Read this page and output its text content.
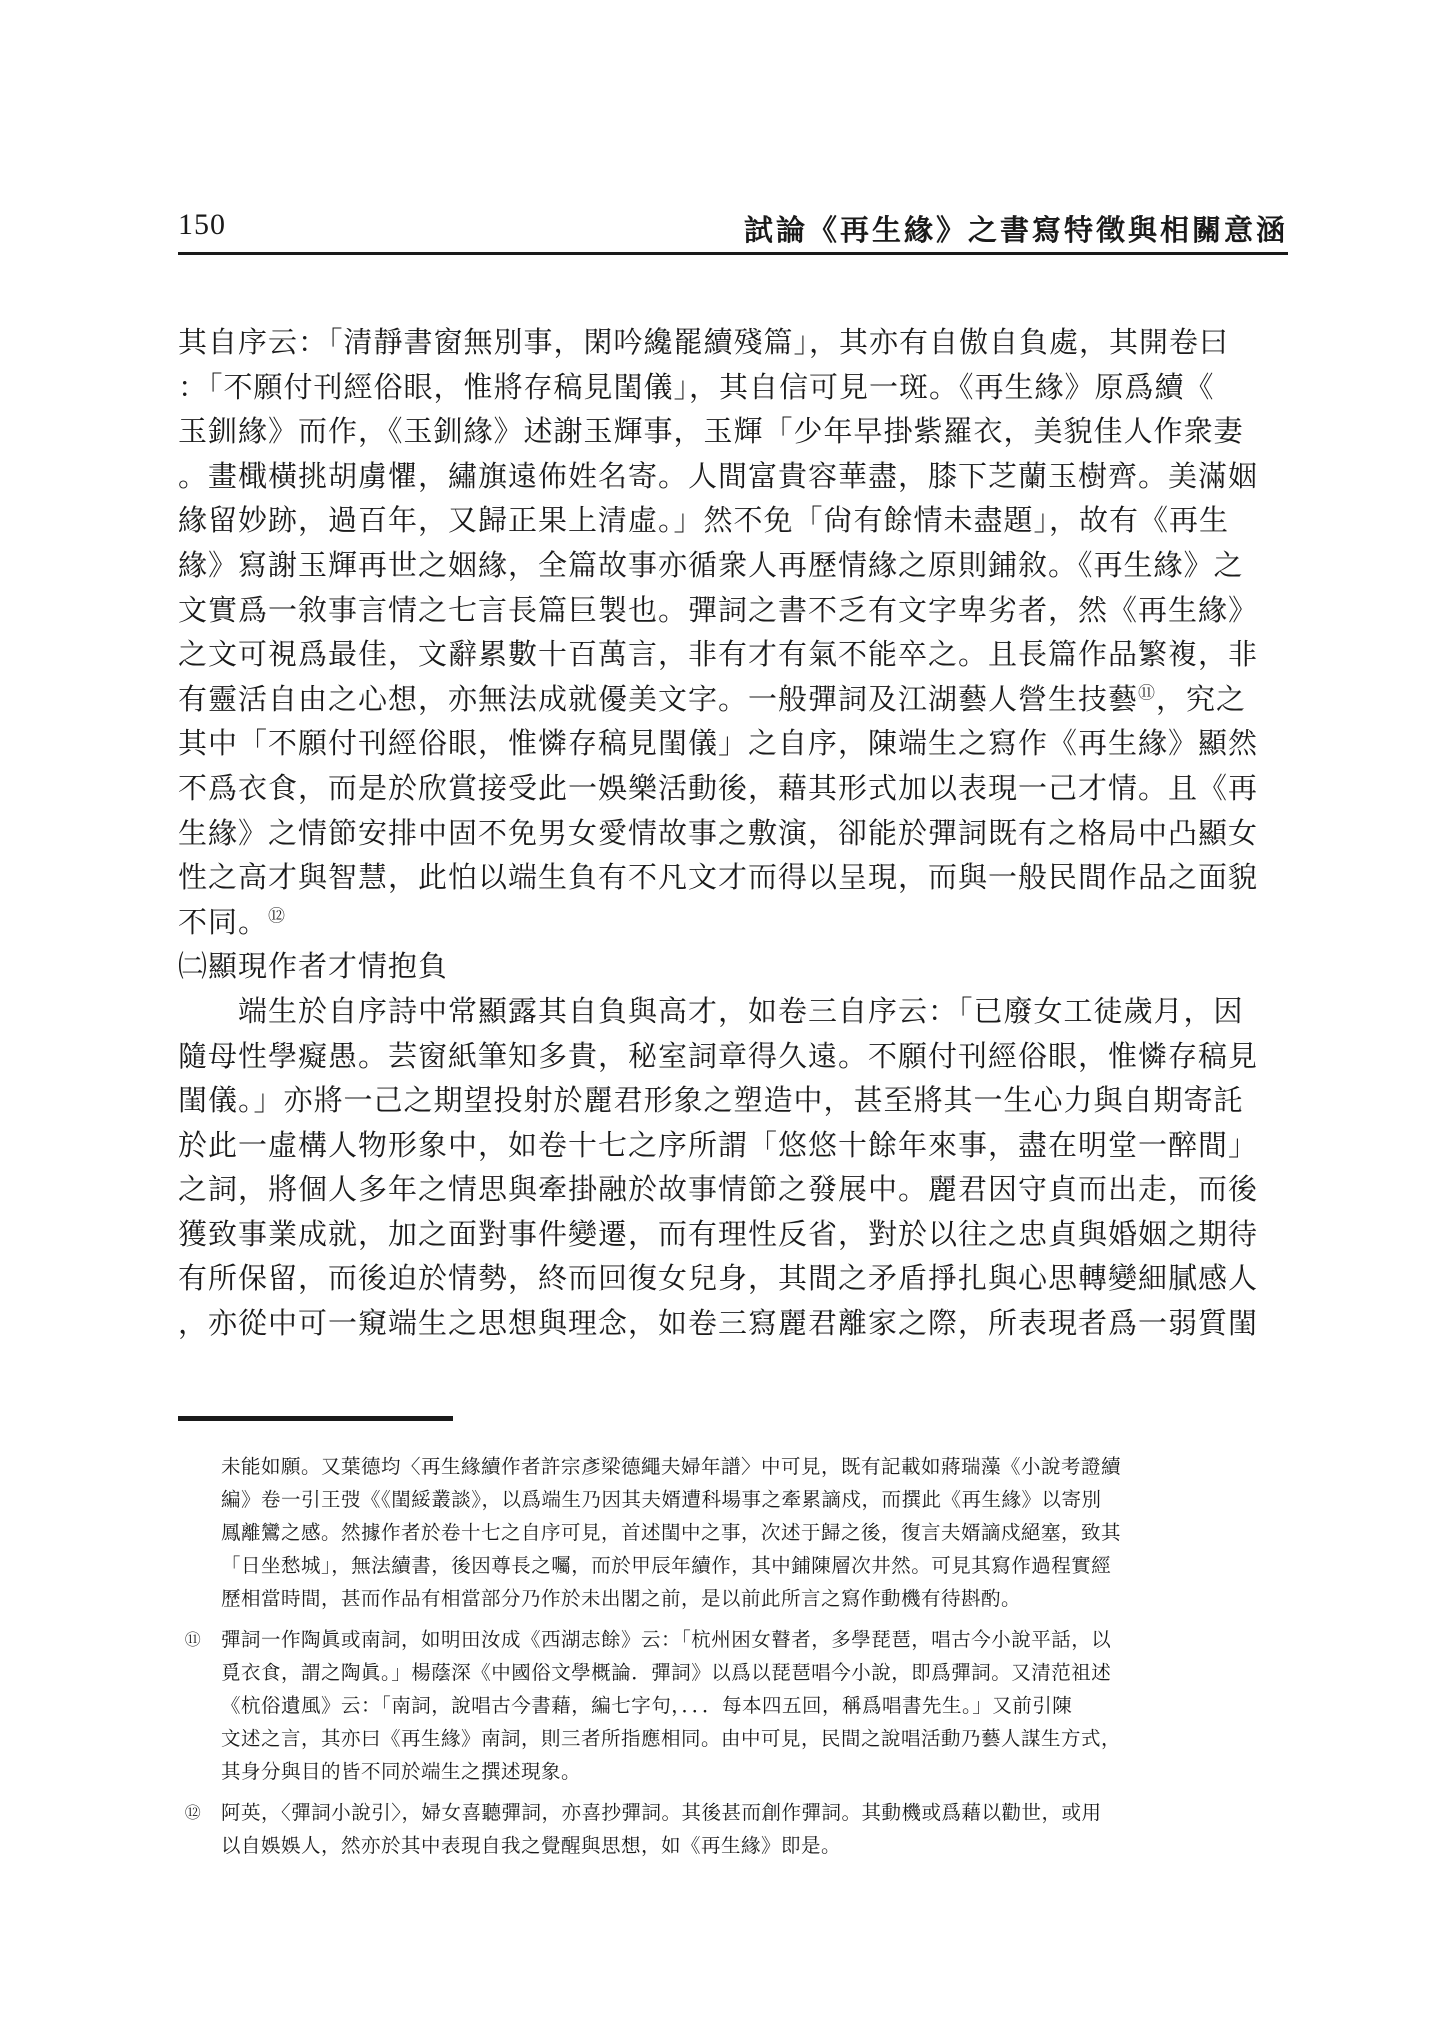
150	試論《再生緣》之書寫特徵與相關意涵
其自序云：「清靜書窗無別事，閑吟纔罷續殘篇」，其亦有自傲自負處，其開卷曰
：「不願付刊經俗眼，惟將存稿見閨儀」，其自信可見一斑。《再生緣》原爲續《
玉釧緣》而作，《玉釧緣》述謝玉輝事，玉輝「少年早掛紫羅衣，美貌佳人作衆妻
。畫檝橫挑胡虜懼，繡旗遠佈姓名寄。人間富貴容華盡，膝下芝蘭玉樹齊。美滿姻
緣留妙跡，過百年，又歸正果上清虛。」然不免「尙有餘情未盡題」，故有《再生
緣》寫謝玉輝再世之姻緣，全篇故事亦循衆人再歷情緣之原則鋪敘。《再生緣》之
文實爲一敘事言情之七言長篇巨製也。彈詞之書不乏有文字卑劣者，然《再生緣》
之文可視爲最佳，文辭累數十百萬言，非有才有氣不能卒之。且長篇作品繁複，非
有靈活自由之心想，亦無法成就優美文字。一般彈詞及江湖藝人營生技藝⑪，究之
其中「不願付刊經俗眼，惟憐存稿見閨儀」之自序，陳端生之寫作《再生緣》顯然
不爲衣食，而是於欣賞接受此一娛樂活動後，藉其形式加以表現一己才情。且《再
生緣》之情節安排中固不免男女愛情故事之敷演，卻能於彈詞既有之格局中凸顯女
性之高才與智慧，此怕以端生負有不凡文才而得以呈現，而與一般民間作品之面貌
不同。⑫
㈡顯現作者才情抱負
端生於自序詩中常顯露其自負與高才，如卷三自序云：「已廢女工徒歲月，因
隨母性學癡愚。芸窗紙筆知多貴，秘室詞章得久遠。不願付刊經俗眼，惟憐存稿見
閨儀。」亦將一己之期望投射於麗君形象之塑造中，甚至將其一生心力與自期寄託
於此一虛構人物形象中，如卷十七之序所謂「悠悠十餘年來事，盡在明堂一醉間」
之詞，將個人多年之情思與牽掛融於故事情節之發展中。麗君因守貞而出走，而後
獲致事業成就，加之面對事件變遷，而有理性反省，對於以往之忠貞與婚姻之期待
有所保留，而後迫於情勢，終而回復女兒身，其間之矛盾掙扎與心思轉變細膩感人
，亦從中可一窺端生之思想與理念，如卷三寫麗君離家之際，所表現者爲一弱質閨
未能如願。又葉德均〈再生緣續作者許宗彥梁德繩夫婦年譜〉中可見，既有記載如蔣瑞藻《小說考證續
編》卷一引王弢《《閨綏叢談》，以爲端生乃因其夫婿遭科場事之牽累謫戍，而撰此《再生緣》以寄別
鳳離鸞之感。然據作者於卷十七之自序可見，首述閨中之事，次述于歸之後，復言夫婿謫戍絕塞，致其
「日坐愁城」，無法續書，後因尊長之囑，而於甲辰年續作，其中鋪陳層次井然。可見其寫作過程實經
歷相當時間，甚而作品有相當部分乃作於未出閣之前，是以前此所言之寫作動機有待斟酌。
⑪	彈詞一作陶眞或南詞，如明田汝成《西湖志餘》云：「杭州困女瞽者，多學琵琶，唱古今小說平話，以
覓衣食，謂之陶眞。」楊蔭深《中國俗文學概論．彈詞》以爲以琵琶唱今小說，即爲彈詞。又清范祖述
《杭俗遺風》云：「南詞，說唱古今書藉，編七字句，．．．每本四五回，稱爲唱書先生。」又前引陳
文述之言，其亦曰《再生緣》南詞，則三者所指應相同。由中可見，民間之說唱活動乃藝人謀生方式，
其身分與目的皆不同於端生之撰述現象。
⑫	阿英，〈彈詞小說引〉，婦女喜聽彈詞，亦喜抄彈詞。其後甚而創作彈詞。其動機或爲藉以勸世，或用
以自娛娛人，然亦於其中表現自我之覺醒與思想，如《再生緣》即是。
